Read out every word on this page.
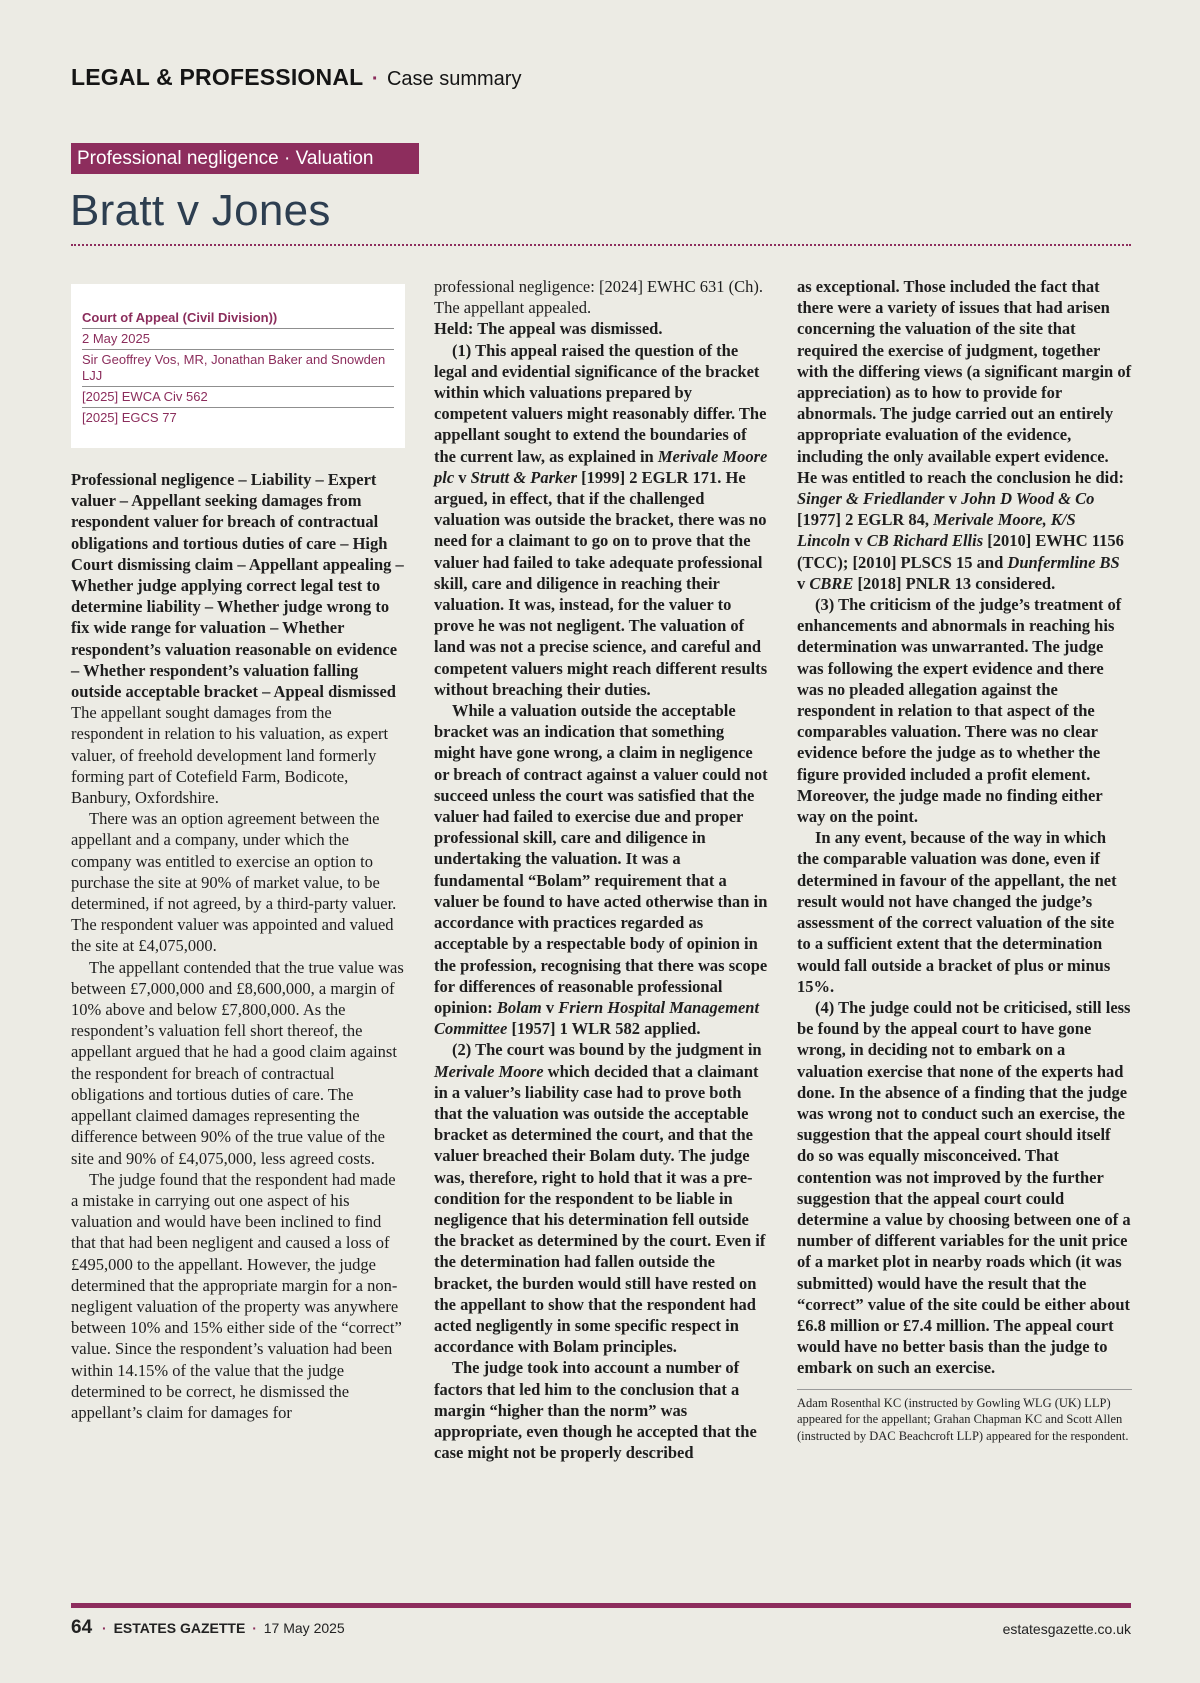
LEGAL & PROFESSIONAL · Case summary
Professional negligence · Valuation
Bratt v Jones
Court of Appeal (Civil Division))
2 May 2025
Sir Geoffrey Vos, MR, Jonathan Baker and Snowden LJJ
[2025] EWCA Civ 562
[2025] EGCS 77

Professional negligence – Liability – Expert valuer – Appellant seeking damages from respondent valuer for breach of contractual obligations and tortious duties of care – High Court dismissing claim – Appellant appealing – Whether judge applying correct legal test to determine liability – Whether judge wrong to fix wide range for valuation – Whether respondent’s valuation reasonable on evidence – Whether respondent’s valuation falling outside acceptable bracket – Appeal dismissed

The appellant sought damages from the respondent in relation to his valuation, as expert valuer, of freehold development land formerly forming part of Cotefield Farm, Bodicote, Banbury, Oxfordshire.

There was an option agreement between the appellant and a company, under which the company was entitled to exercise an option to purchase the site at 90% of market value, to be determined, if not agreed, by a third-party valuer. The respondent valuer was appointed and valued the site at £4,075,000.

The appellant contended that the true value was between £7,000,000 and £8,600,000, a margin of 10% above and below £7,800,000. As the respondent’s valuation fell short thereof, the appellant argued that he had a good claim against the respondent for breach of contractual obligations and tortious duties of care. The appellant claimed damages representing the difference between 90% of the true value of the site and 90% of £4,075,000, less agreed costs.

The judge found that the respondent had made a mistake in carrying out one aspect of his valuation and would have been inclined to find that that had been negligent and caused a loss of £495,000 to the appellant. However, the judge determined that the appropriate margin for a non-negligent valuation of the property was anywhere between 10% and 15% either side of the “correct” value. Since the respondent’s valuation had been within 14.15% of the value that the judge determined to be correct, he dismissed the appellant’s claim for damages for

professional negligence: [2024] EWHC 631 (Ch). The appellant appealed.

Held: The appeal was dismissed.

(1) This appeal raised the question of the legal and evidential significance of the bracket within which valuations prepared by competent valuers might reasonably differ. The appellant sought to extend the boundaries of the current law, as explained in Merivale Moore plc v Strutt & Parker [1999] 2 EGLR 171. He argued, in effect, that if the challenged valuation was outside the bracket, there was no need for a claimant to go on to prove that the valuer had failed to take adequate professional skill, care and diligence in reaching their valuation. It was, instead, for the valuer to prove he was not negligent. The valuation of land was not a precise science, and careful and competent valuers might reach different results without breaching their duties.

While a valuation outside the acceptable bracket was an indication that something might have gone wrong, a claim in negligence or breach of contract against a valuer could not succeed unless the court was satisfied that the valuer had failed to exercise due and proper professional skill, care and diligence in undertaking the valuation. It was a fundamental “Bolam” requirement that a valuer be found to have acted otherwise than in accordance with practices regarded as acceptable by a respectable body of opinion in the profession, recognising that there was scope for differences of reasonable professional opinion: Bolam v Friern Hospital Management Committee [1957] 1 WLR 582 applied.

(2) The court was bound by the judgment in Merivale Moore which decided that a claimant in a valuer’s liability case had to prove both that the valuation was outside the acceptable bracket as determined the court, and that the valuer breached their Bolam duty. The judge was, therefore, right to hold that it was a pre-condition for the respondent to be liable in negligence that his determination fell outside the bracket as determined by the court. Even if the determination had fallen outside the bracket, the burden would still have rested on the appellant to show that the respondent had acted negligently in some specific respect in accordance with Bolam principles.

The judge took into account a number of factors that led him to the conclusion that a margin “higher than the norm” was appropriate, even though he accepted that the case might not be properly described

as exceptional. Those included the fact that there were a variety of issues that had arisen concerning the valuation of the site that required the exercise of judgment, together with the differing views (a significant margin of appreciation) as to how to provide for abnormals. The judge carried out an entirely appropriate evaluation of the evidence, including the only available expert evidence. He was entitled to reach the conclusion he did: Singer & Friedlander v John D Wood & Co [1977] 2 EGLR 84, Merivale Moore, K/S Lincoln v CB Richard Ellis [2010] EWHC 1156 (TCC); [2010] PLSCS 15 and Dunfermline BS v CBRE [2018] PNLR 13 considered.

(3) The criticism of the judge’s treatment of enhancements and abnormals in reaching his determination was unwarranted. The judge was following the expert evidence and there was no pleaded allegation against the respondent in relation to that aspect of the comparables valuation. There was no clear evidence before the judge as to whether the figure provided included a profit element. Moreover, the judge made no finding either way on the point.

In any event, because of the way in which the comparable valuation was done, even if determined in favour of the appellant, the net result would not have changed the judge’s assessment of the correct valuation of the site to a sufficient extent that the determination would fall outside a bracket of plus or minus 15%.

(4) The judge could not be criticised, still less be found by the appeal court to have gone wrong, in deciding not to embark on a valuation exercise that none of the experts had done. In the absence of a finding that the judge was wrong not to conduct such an exercise, the suggestion that the appeal court should itself do so was equally misconceived. That contention was not improved by the further suggestion that the appeal court could determine a value by choosing between one of a number of different variables for the unit price of a market plot in nearby roads which (it was submitted) would have the result that the “correct” value of the site could be either about £6.8 million or £7.4 million. The appeal court would have no better basis than the judge to embark on such an exercise.

Adam Rosenthal KC (instructed by Gowling WLG (UK) LLP) appeared for the appellant; Grahan Chapman KC and Scott Allen (instructed by DAC Beachcroft LLP) appeared for the respondent.
64 · ESTATES GAZETTE · 17 May 2025	estatesgazette.co.uk
